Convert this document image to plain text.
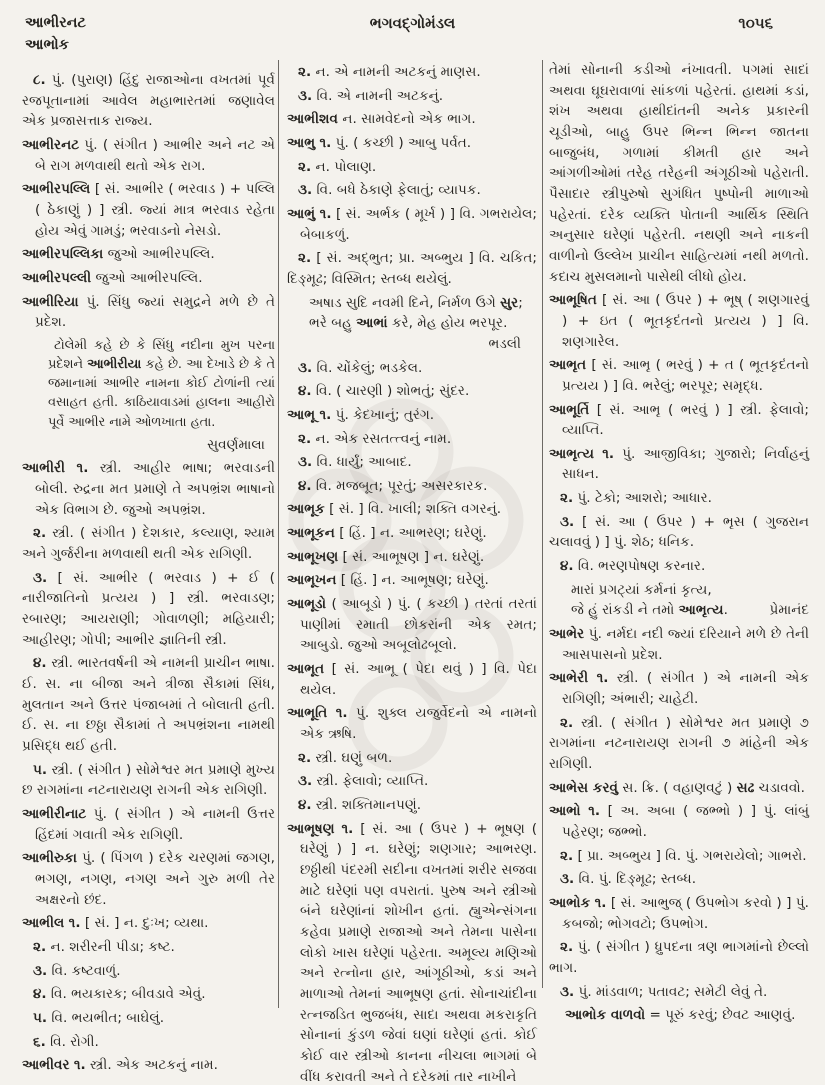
આભીરનટ
આભોક
ભગવદ્ગોમંડલ	૧૦૫૬

૮. પું. (પુરાણ) હિંદુ રાજાઓના વખતમાં પૂર્વ રજપૂતાનામાં આવેલ મહાભારતમાં જણાવેલ એક પ્રજાસત્તાક રાજ્ય.

આભીરનટ પું. ( સંગીત ) આભીર અને નટ એ બે રાગ મળવાથી થતો એક રાગ.

આભીરપલ્લિ [ સં. આભીર ( ભરવાડ ) + પલ્લિ ( ઠેકાણું ) ] સ્ત્રી. જ્યાં માત્ર ભરવાડ રહેતા હોય એવું ગામડું; ભરવાડનો નેસડો.

આભીરપલ્લિકા જુઓ આભીરપલ્લિ.

આભીરપલ્લી જુઓ આભીરપલ્લિ.

આભીરિયા પું. સિંધુ જ્યાં સમુદ્રને મળે છે તે પ્રદેશ.

ટોલેમી કહે છે કે સિંધુ નદીના મુખ પરના પ્રદેશને આભીરીયા કહે છે. આ દેખાડે છે કે તે જમાનામાં આભીર નામના કોઈ ટોળાંની ત્યાં વસાહત હતી. કાઠિયાવાડમાં હાલના આહીરો પૂર્વે આભીર નામે ઓળખાતા હતા.

સુવર્ણમાલા

આભીરી ૧. સ્ત્રી. આહીર ભાષા; ભરવાડની બોલી. રુદ્રના મત પ્રમાણે તે અપભ્રંશ ભાષાનો એક વિભાગ છે. જુઓ અપભ્રંશ.

૨. સ્ત્રી. ( સંગીત ) દેશકાર, કલ્યાણ, શ્યામ અને ગુર્જરીના મળવાથી થતી એક રાગિણી.

૩. [ સં. આભીર ( ભરવાડ ) + ઈ ( નારીજાતિનો પ્રત્યય ) ] સ્ત્રી. ભરવાડણ; રબારણ; આયરાણી; ગોવાળણી; મહિયારી; આહીરણ; ગોપી; આભીર જ્ઞાતિની સ્ત્રી.

૪. સ્ત્રી. ભારતવર્ષની એ નામની પ્રાચીન ભાષા. ઈ. સ. ના બીજા અને ત્રીજા સૈકામાં સિંધ, મુલતાન અને ઉત્તર પંજાબમાં તે બોલાતી હતી. ઈ. સ. ના છઠ્ઠા સૈકામાં તે અપભ્રંશના નામથી પ્રસિદ્ધ થઈ હતી.

૫. સ્ત્રી. ( સંગીત ) સોમેશ્વર મત પ્રમાણે મુખ્ય છ રાગમાંના નટનારાયણ રાગની એક રાગિણી.

આભીરીનાટ પું. ( સંગીત ) એ નામની ઉત્તર હિંદમાં ગવાતી એક રાગિણી.

આભીરુકા પું. ( પિંગળ ) દરેક ચરણમાં જગણ, ભગણ, નગણ, નગણ અને ગુરુ મળી તેર અક્ષરનો છંદ.

આભીલ ૧. [ સં. ] ન. દુઃખ; વ્યથા.

૨. ન. શરીરની પીડા; કષ્ટ.

૩. વિ. કષ્ટવાળું.

૪. વિ. ભયકારક; બીવડાવે એવું.

૫. વિ. ભયભીત; બાઘેલું.

૬. વિ. રોગી.

આભીવર ૧. સ્ત્રી. એક અટકનું નામ.

૨. ન. એ નામની અટકનું માણસ.

૩. વિ. એ નામની અટકનું.

આભીશવ ન. સામવેદનો એક ભાગ.

આભુ ૧. પું. ( કચ્છી ) આબુ પર્વત.

૨. ન. પોલાણ.

૩. વિ. બધે ઠેકાણે ફેલાતું; વ્યાપક.

આભું ૧. [ સં. અર્ભક ( મૂર્ખ ) ] વિ. ગભરાયેલ; બેબાકળું.

૨. [ સં. અદ્ભુત; પ્રા. અબ્ભુય ] વિ. ચકિત; દિઙ્મૂઢ; વિસ્મિત; સ્તબ્ધ થયેલું.

અષાડ સુદિ નવમી દિને, નિર્મળ ઉગે સુર;
ભરે બહુ આભાં કરે, મેહ હોય ભરપૂર.
ભડલી

૩. વિ. ચોંકેલું; ભડકેલ.

૪. વિ. ( ચારણી ) શોભતું; સુંદર.

આભૂ ૧. પું. કેદખાનું; તુરંગ.

૨. ન. એક રસતત્ત્વનું નામ.

૩. વિ. ધાર્યું; આબાદ.

૪. વિ. મજબૂત; પૂરતું; અસરકારક.

આભૂક [ સં. ] વિ. ખાલી; શક્તિ વગરનું.

આભૂકન [ હિં. ] ન. આભરણ; ઘરેણું.

આભૂખણ [ સં. આભૂષણ ] ન. ઘરેણું.

આભૂખન [ હિં. ] ન. આભૂષણ; ઘરેણું.

આભૂડો ( આબૂડો ) પું. ( કચ્છી ) તરતાં તરતાં પાણીમાં રમાતી છોકરાંની એક રમત; આબુડો. જુઓ અબૂલોઢબૂલો.

આભૂત [ સં. આભૂ ( પેદા થવું ) ] વિ. પેદા થયેલ.

આભૂતિ ૧. પું. શુક્લ યજુર્વેદનો એ નામનો એક ઋષિ.

૨. સ્ત્રી. ઘણું બળ.

૩. સ્ત્રી. ફેલાવો; વ્યાપ્તિ.

૪. સ્ત્રી. શક્તિમાનપણું.

આભૂષણ ૧. [ સં. આ ( ઉપર ) + ભૂષણ ( ઘરેણું ) ] ન. ઘરેણું; શણગાર; આભરણ. છઠ્ઠીથી પંદરમી સદીના વખતમાં શરીર સજવા માટે ઘરેણાં પણ વપરાતાં. પુરુષ અને સ્ત્રીઓ બંને ઘરેણાંનાં શોખીન હતાં. હ્યુએન્સંગના કહેવા પ્રમાણે રાજાઓ અને તેમના પાસેના લોકો ખાસ ઘરેણાં પહેરતા. અમૂલ્ય મણિઓ અને રત્નોના હાર, આંગૂઠીઓ, કડાં અને માળાઓ તેમનાં આભૂષણ હતાં. સોનાચાંદીના રત્નજડિત ભુજબંધ, સાદા અથવા મકરાકૃતિ સોનાનાં કુંડળ જેવાં ઘણાં ઘરેણાં હતાં. કોઈ કોઈ વાર સ્ત્રીઓ કાનના નીચલા ભાગમાં બે વીંધ કરાવતી અને તે દરેકમાં તાર નાખીને

તેમાં સોનાની કડીઓ નંખાવતી. પગમાં સાદાં અથવા ઘૂઘરાવાળાં સાંકળાં પહેરતાં. હાથમાં કડાં, શંખ અથવા હાથીદાંતની અનેક પ્રકારની ચૂડીઓ, બાહુ ઉપર ભિન્ન ભિન્ન જાતના બાજુબંધ, ગળામાં કીમતી હાર અને આંગળીઓમાં તરેહ તરેહની અંગૂઠીઓ પહેરાતી. પૈસાદાર સ્ત્રીપુરુષો સુગંધિત પુષ્પોની માળાઓ પહેરતાં. દરેક વ્યક્તિ પોતાની આર્થિક સ્થિતિ અનુસાર ઘરેણાં પહેરતી. નથણી અને નાકની વાળીનો ઉલ્લેખ પ્રાચીન સાહિત્યમાં નથી મળતો. કદાચ મુસલમાનો પાસેથી લીધો હોય.

આભૂષિત [ સં. આ ( ઉપર ) + ભૂષ્ ( શણગારવું ) + ઇત ( ભૂતકૃદંતનો પ્રત્યય ) ] વિ. શણગારેલ.

આભૃત [ સં. આભૃ ( ભરવું ) + ત ( ભૂતકૃદંતનો પ્રત્યય ) ] વિ. ભરેલું; ભરપૂર; સમૃદ્ધ.

આભૂર્તિ [ સં. આભૃ ( ભરવું ) ] સ્ત્રી. ફેલાવો; વ્યાપ્તિ.

આભૃત્ય ૧. પું. આજીવિકા; ગુજારો; નિર્વાહનું સાધન.

૨. પું. ટેકો; આશરો; આધાર.

૩. [ સં. આ ( ઉપર ) + ભૃસ ( ગુજરાન ચલાવવું ) ] પું. શેઠ; ધનિક.

૪. વિ. ભરણપોષણ કરનાર.

મારાં પ્રગટ્યાં કર્મનાં કૃત્ય,
જે હું રાંકડી ને તમો આભૃત્ય.	પ્રેમાનંદ

આભેર પું. નર્મદા નદી જ્યાં દરિયાને મળે છે તેની આસપાસનો પ્રદેશ.

આભેરી ૧. સ્ત્રી. ( સંગીત ) એ નામની એક રાગિણી; અંભારી; ચાહેટી.

૨. સ્ત્રી. ( સંગીત ) સોમેશ્વર મત પ્રમાણે ૭ રાગમાંના નટનારાયણ રાગની ૭ માંહેની એક રાગિણી.

આભેસ કરવું સ. ક્રિ. ( વહાણવટું ) સઢ ચડાવવો.

આભો ૧. [ અ. અબા ( જભ્ભો ) ] પું. લાંબું પહેરણ; જભ્ભો.

૨. [ પ્રા. અબ્ભુય ] વિ. પું. ગભરાયેલો; ગાભરો.

૩. વિ. પું. દિઙ્મૂઢ; સ્તબ્ધ.

આભોક ૧. [ સં. આભુજ્ ( ઉપભોગ કરવો ) ] પું. કબજો; ભોગવટો; ઉપભોગ.

૨. પું. ( સંગીત ) ધ્રુપદના ત્રણ ભાગમાંનો છેલ્લો ભાગ.

૩. પું. માંડવાળ; પતાવટ; સમેટી લેવું તે.

આભોક વાળવો = પૂરું કરવું; છેવટ આણવું.
